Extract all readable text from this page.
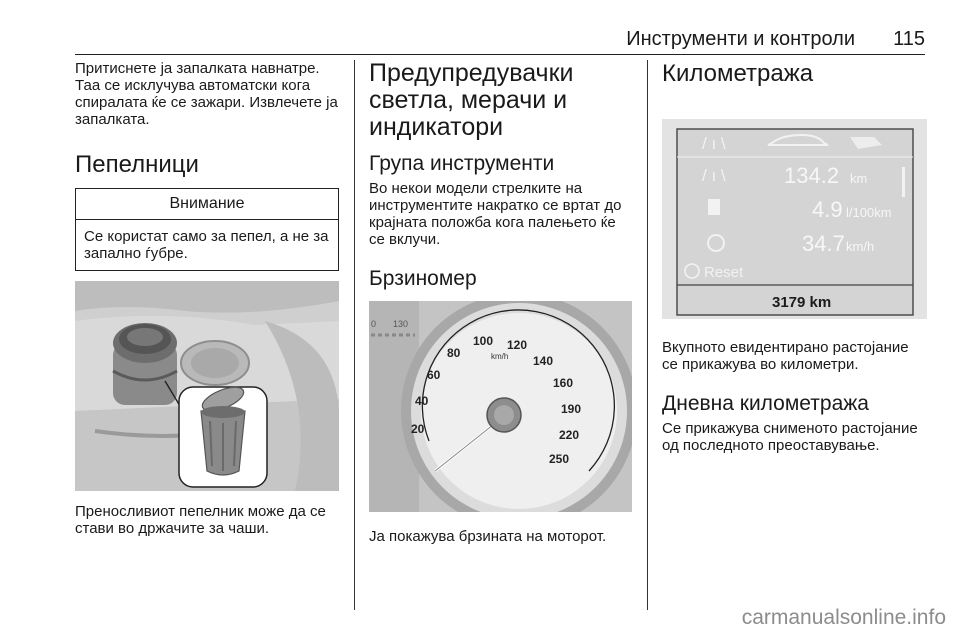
Инструменти и контроли 115

Притиснете ја запалката навнатре. Таа се исклучува автоматски кога спиралата ќе се зажари. Извлечете ја запалката.

Пепелници
Внимание
Се користат само за пепел, а не за запално ѓубре.

Преносливиот пепелник може да се стави во држачите за чаши.

Предупредувачки светла, мерачи и индикатори
Група инструменти

Во некои модели стрелките на инструментите накратко се вртат до крајната положба кога палењето ќе се вклучи.

Брзиномер
0 130
20
40
60
80
100 120
140
160
190
220
250
km/h

Ја покажува брзината на моторот.

Километража
/ ı \
/ ı \	134.2 km
4.9 l/100km
34.7 km/h
Reset
3179 km

Вкупното евидентирано растојание се прикажува во километри.

Дневна километража

Се прикажува снименото растојание од последното преоставување.

carmanualsonline.info
